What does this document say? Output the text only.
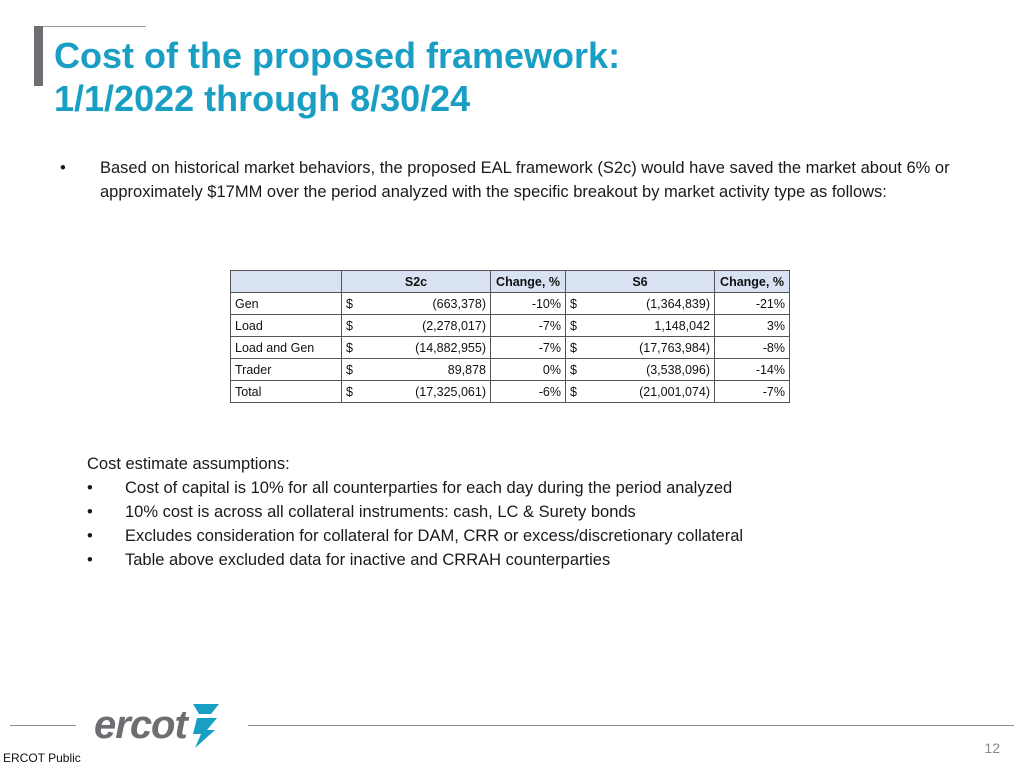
Cost of the proposed framework:
1/1/2022 through 8/30/24
• Based on historical market behaviors, the proposed EAL framework (S2c) would have saved the market about 6% or approximately $17MM over the period analyzed with the specific breakout by market activity type as follows:
	S2c	Change, %	S6	Change, %
Gen	$ (663,378)	-10%	$ (1,364,839)	-21%
Load	$ (2,278,017)	-7%	$ 1,148,042	3%
Load and Gen	$ (14,882,955)	-7%	$ (17,763,984)	-8%
Trader	$ 89,878	0%	$ (3,538,096)	-14%
Total	$ (17,325,061)	-6%	$ (21,001,074)	-7%
Cost estimate assumptions:
• Cost of capital is 10% for all counterparties for each day during the period analyzed
• 10% cost is across all collateral instruments: cash, LC & Surety bonds
• Excludes consideration for collateral for DAM, CRR or excess/discretionary collateral
• Table above excluded data for inactive and CRRAH counterparties
ercot
ERCOT Public
12
